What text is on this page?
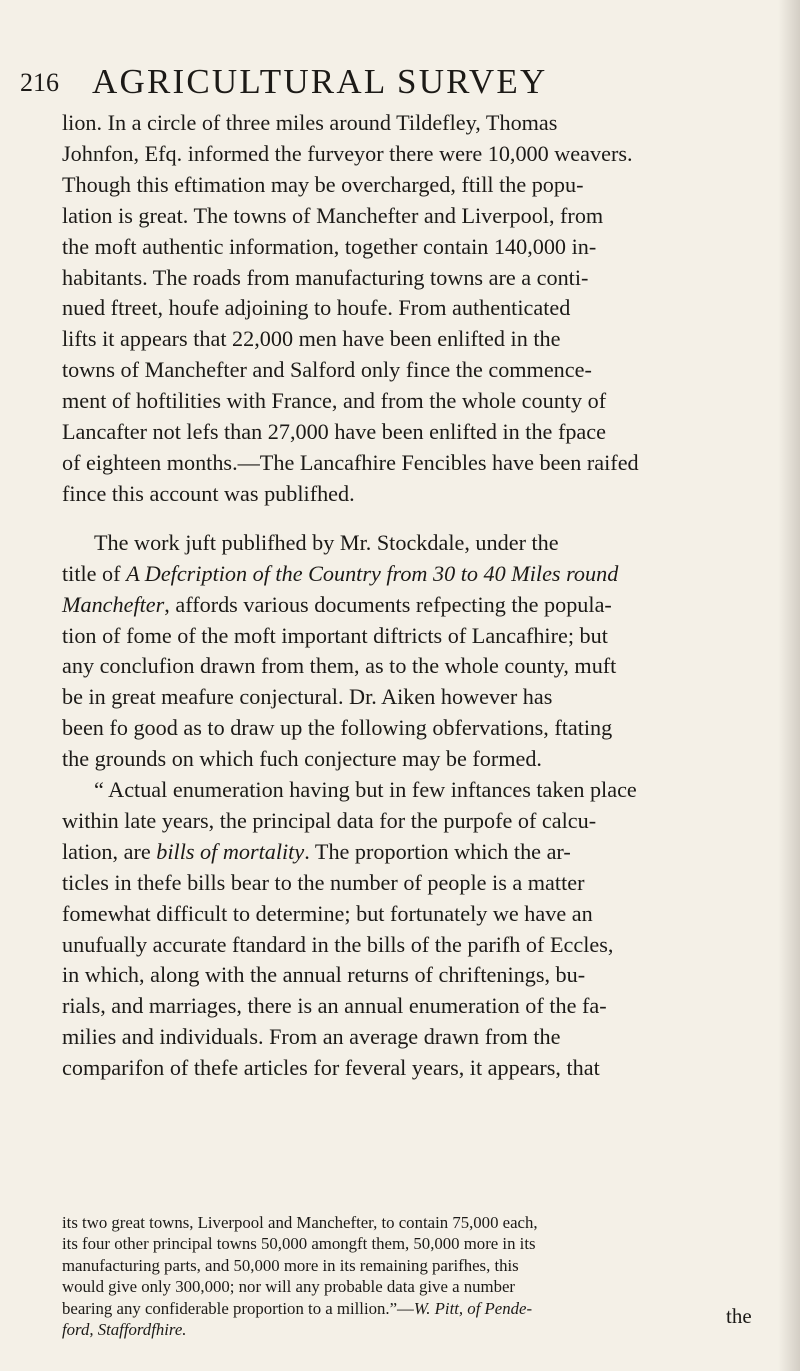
216 AGRICULTURAL SURVEY
lion. In a circle of three miles around Tildefley, Thomas
Johnfon, Efq. informed the furveyor there were 10,000 weavers.
Though this eftimation may be overcharged, ftill the popu-
lation is great. The towns of Manchefter and Liverpool, from
the moft authentic information, together contain 140,000 in-
habitants. The roads from manufacturing towns are a conti-
nued ftreet, houfe adjoining to houfe. From authenticated
lifts it appears that 22,000 men have been enlifted in the
towns of Manchefter and Salford only fince the commence-
ment of hoftilities with France, and from the whole county of
Lancafter not lefs than 27,000 have been enlifted in the fpace
of eighteen months.—The Lancafhire Fencibles have been raifed
fince this account was publifhed.
The work juft publifhed by Mr. Stockdale, under the
title of A Defcription of the Country from 30 to 40 Miles round
Manchefter, affords various documents refpecting the popula-
tion of fome of the moft important diftricts of Lancafhire; but
any conclufion drawn from them, as to the whole county, muft
be in great meafure conjectural. Dr. Aiken however has
been fo good as to draw up the following obfervations, ftating
the grounds on which fuch conjecture may be formed.
“ Actual enumeration having but in few inftances taken place
within late years, the principal data for the purpofe of calcu-
lation, are bills of mortality. The proportion which the ar-
ticles in thefe bills bear to the number of people is a matter
fomewhat difficult to determine; but fortunately we have an
unufually accurate ftandard in the bills of the parifh of Eccles,
in which, along with the annual returns of chriftenings, bu-
rials, and marriages, there is an annual enumeration of the fa-
milies and individuals. From an average drawn from the
comparifon of thefe articles for feveral years, it appears, that
its two great towns, Liverpool and Manchefter, to contain 75,000 each,
its four other principal towns 50,000 amongft them, 50,000 more in its
manufacturing parts, and 50,000 more in its remaining parifhes, this
would give only 300,000; nor will any probable data give a number
bearing any confiderable proportion to a million.”—W. Pitt, of Pende-
ford, Staffordfhire.
the
